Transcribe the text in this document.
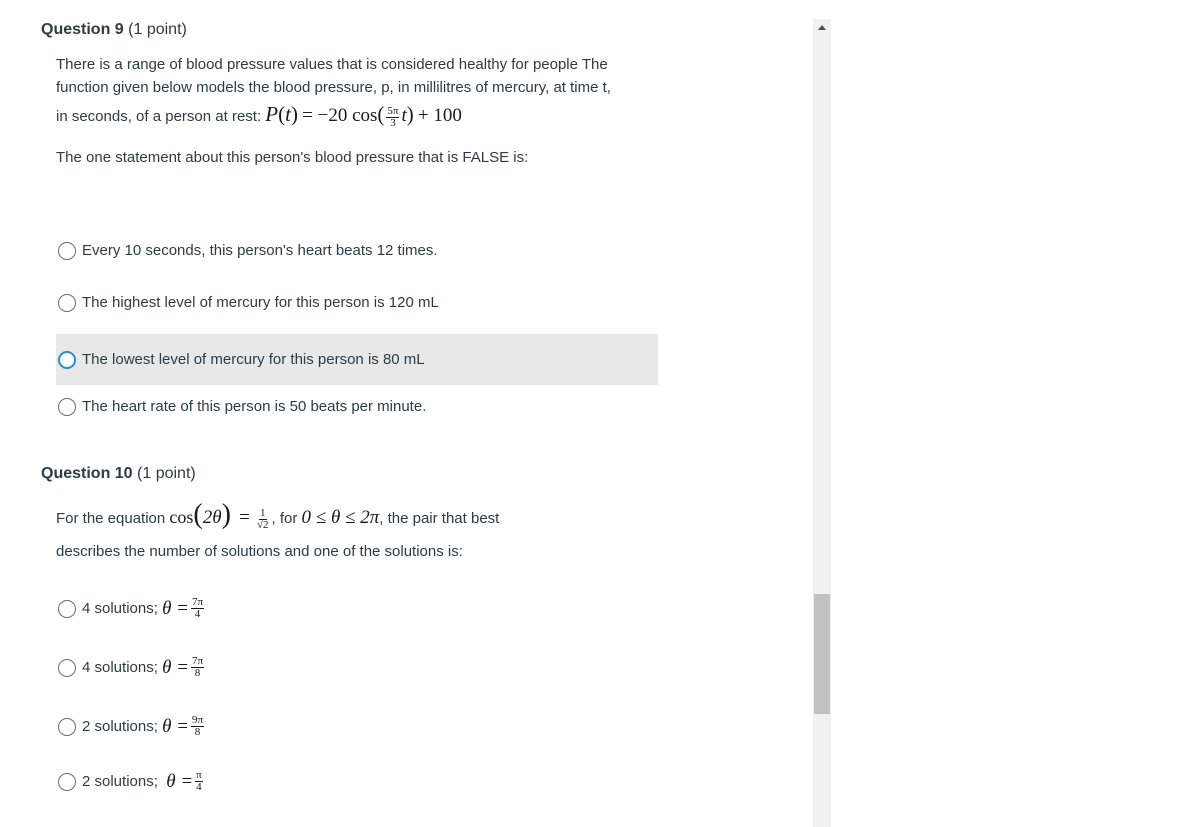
Question 9 (1 point)
There is a range of blood pressure values that is considered healthy for people The
function given below models the blood pressure, p, in millilitres of mercury, at time t,
in seconds, of a person at rest: P(t) = −20 $\cos( \frac{5\pi}{3} t) + 100$
The one statement about this person's blood pressure that is FALSE is:
Every 10 seconds, this person's heart beats 12 times.
The highest level of mercury for this person is 120 mL
The lowest level of mercury for this person is 80 mL
The heart rate of this person is 50 beats per minute.
Question 10 (1 point)
For the equation $\cos(2\theta) = \frac{1}{√2}$ , for 0 ≤ θ ≤ 2π, the pair that best
describes the number of solutions and one of the solutions is:
4 solutions;
$\theta = \frac{7\pi}{4}$
4 solutions;
$\theta = \frac{7\pi}{8}$
2 solutions;
$\theta = \frac{9\pi}{8}$
2 solutions;
$\theta = \frac{\pi}{4}$
